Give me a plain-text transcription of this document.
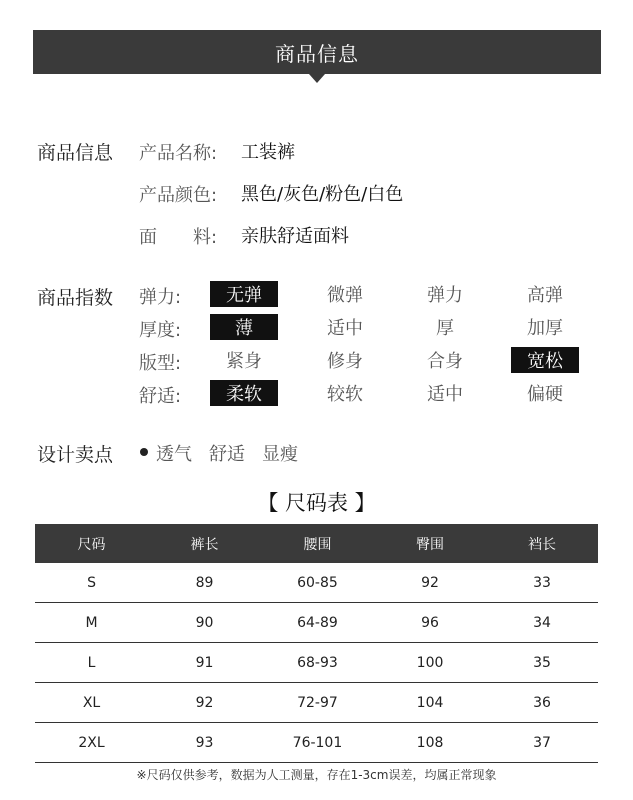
商品信息
商品信息 产品名称: 工装裤
产品颜色: 黑色/灰色/粉色/白色
面　　料: 亲肤舒适面料
商品指数 弹力:	无弹	微弹	弹力	高弹
厚度:	薄	适中	厚	加厚
版型:	紧身	修身	合身	宽松
舒适:	柔软	较软	适中	偏硬
设计卖点 透气 舒适 显瘦
【 尺码表 】
尺码	裤长	腰围	臀围	裆长
S	89	60-85	92	33
M	90	64-89	96	34
L	91	68-93	100	35
XL	92	72-97	104	36
2XL	93	76-101	108	37
※尺码仅供参考，数据为人工测量，存在1-3cm误差，均属正常现象
